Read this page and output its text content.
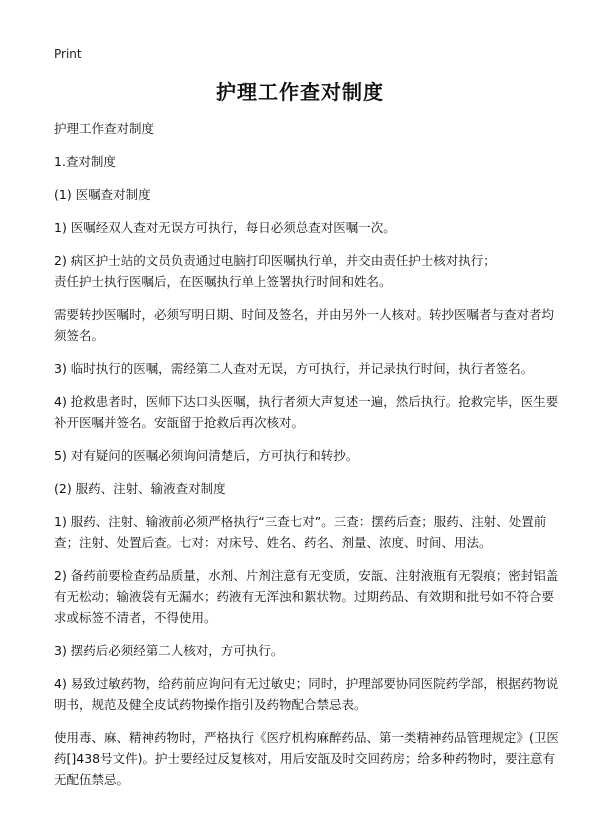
Print
护理工作查对制度

护理工作查对制度

1.查对制度

(1) 医嘱查对制度

1) 医嘱经双人查对无误方可执行，每日必须总查对医嘱一次。

2) 病区护士站的文员负责通过电脑打印医嘱执行单，并交由责任护士核对执行；
责任护士执行医嘱后，在医嘱执行单上签署执行时间和姓名。

需要转抄医嘱时，必须写明日期、时间及签名，并由另外一人核对。转抄医嘱者与查对者均须签名。

3) 临时执行的医嘱，需经第二人查对无误，方可执行，并记录执行时间，执行者签名。

4) 抢救患者时，医师下达口头医嘱，执行者须大声复述一遍，然后执行。抢救完毕，医生要补开医嘱并签名。安瓿留于抢救后再次核对。

5) 对有疑问的医嘱必须询问清楚后，方可执行和转抄。

(2) 服药、注射、输液查对制度

1) 服药、注射、输液前必须严格执行“三查七对”。三查：摆药后查；服药、注射、处置前查；注射、处置后查。七对：对床号、姓名、药名、剂量、浓度、时间、用法。

2) 备药前要检查药品质量，水剂、片剂注意有无变质，安瓿、注射液瓶有无裂痕；密封铝盖有无松动；输液袋有无漏水；药液有无浑浊和絮状物。过期药品、有效期和批号如不符合要求或标签不清者，不得使用。

3) 摆药后必须经第二人核对，方可执行。

4) 易致过敏药物，给药前应询问有无过敏史；同时，护理部要协同医院药学部，根据药物说明书，规范及健全皮试药物操作指引及药物配合禁忌表。

使用毒、麻、精神药物时，严格执行《医疗机构麻醉药品、第一类精神药品管理规定》(卫医药[]438号文件)。护士要经过反复核对，用后安瓿及时交回药房；给多种药物时，要注意有无配伍禁忌。
